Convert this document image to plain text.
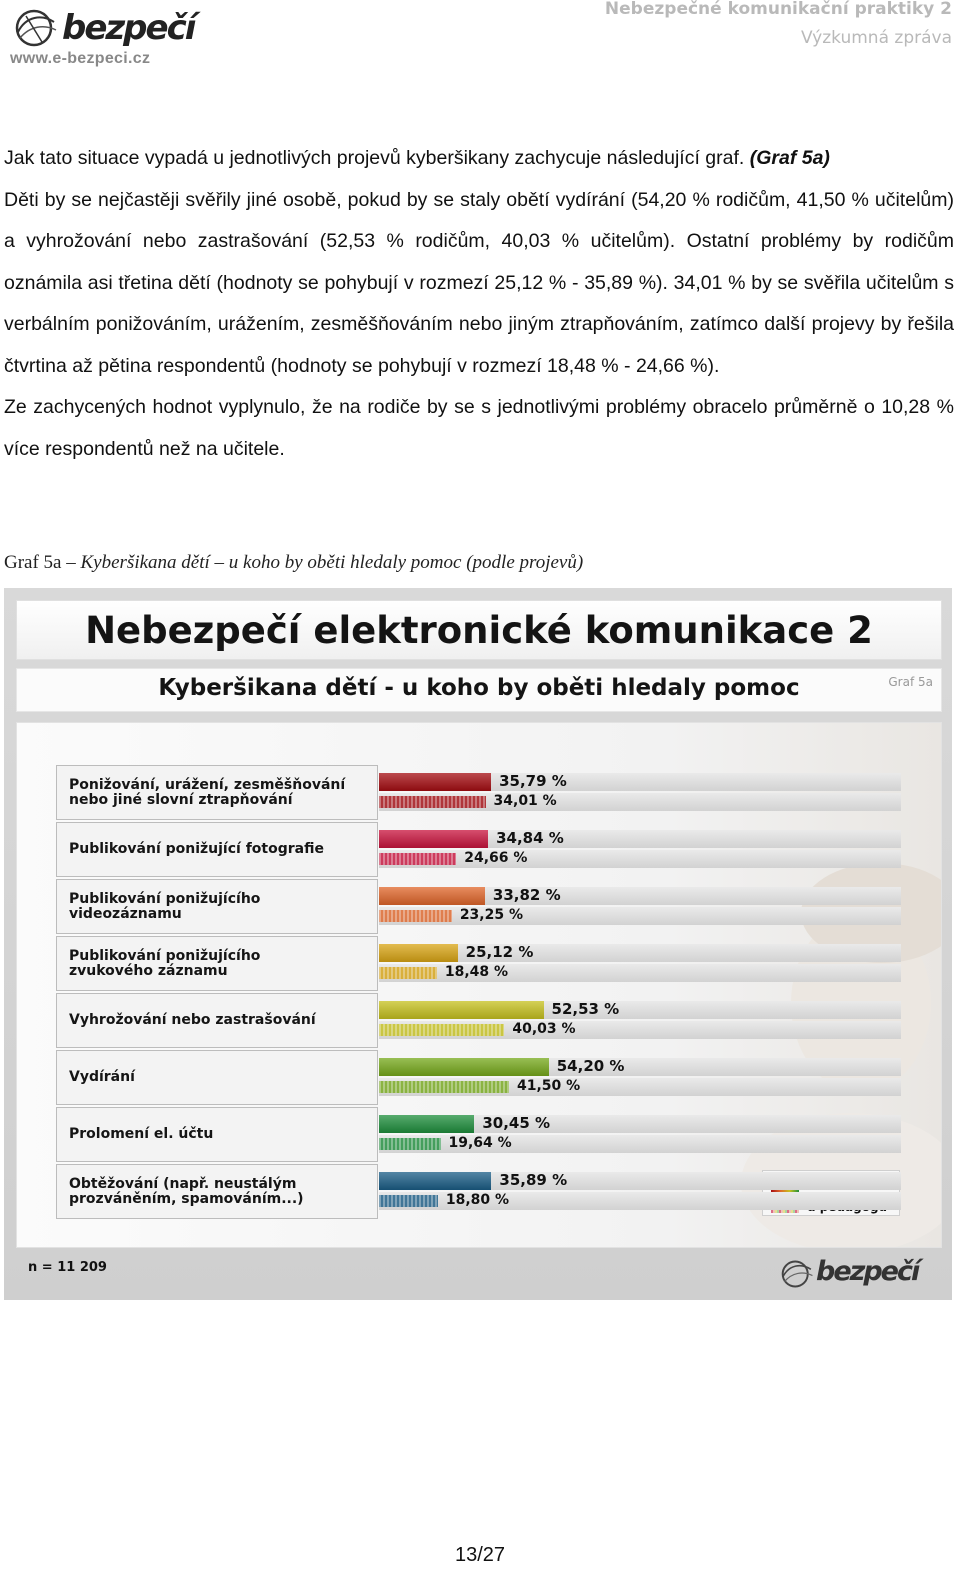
bezpečí
www.e-bezpeci.cz
Nebezpečné komunikační praktiky 2
Výzkumná zpráva

Jak tato situace vypadá u jednotlivých projevů kyberšikany zachycuje následující graf. (Graf 5a)

Děti by se nejčastěji svěřily jiné osobě, pokud by se staly obětí vydírání (54,20 % rodičům, 41,50 % učitelům) a vyhrožování nebo zastrašování (52,53 % rodičům, 40,03 % učitelům). Ostatní problémy by rodičům oznámila asi třetina dětí (hodnoty se pohybují v rozmezí 25,12 % - 35,89 %). 34,01 % by se svěřila učitelům s verbálním ponižováním, urážením, zesměšňováním nebo jiným ztrapňováním, zatímco další projevy by řešila čtvrtina až pětina respondentů (hodnoty se pohybují v rozmezí 18,48 % - 24,66 %).

Ze zachycených hodnot vyplynulo, že na rodiče by se s jednotlivými problémy obracelo průměrně o 10,28 % více respondentů než na učitele.

Graf 5a – Kyberšikana dětí – u koho by oběti hledaly pomoc (podle projevů)
Nebezpečí elektronické komunikace 2
Kyberšikana dětí - u koho by oběti hledaly pomoc	Graf 5a
n = 11 209	bezpečí
Ponižování, urážení, zesměšňování
nebo jiné slovní ztrapňování
35,79 %
34,01 %
Publikování ponižující fotografie
34,84 %
24,66 %
Publikování ponižujícího
videozáznamu
33,82 %
23,25 %
Publikování ponižujícího
zvukového záznamu
25,12 %
18,48 %
Vyhrožování nebo zastrašování
52,53 %
40,03 %
Vydírání
54,20 %
41,50 %
Prolomení el. účtu
30,45 %
19,64 %
Obtěžování (např. neustálým
prozváněním, spamováním...)
35,89 %
18,80 %
13/27
